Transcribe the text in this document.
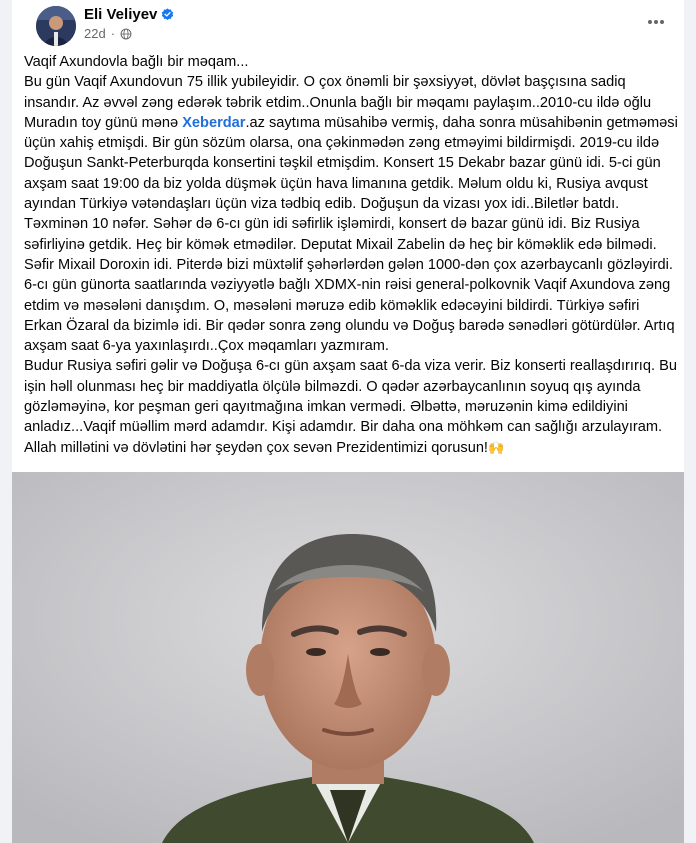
Eli Veliyev
22d ·

Vaqif Axundovla bağlı bir məqam...

Bu gün Vaqif Axundovun 75 illik yubileyidir. O çox önəmli bir şəxsiyyət, dövlət başçısına sadiq insandır. Az əvvəl zəng edərək təbrik etdim..Onunla bağlı bir məqamı paylaşım..2010-cu ildə oğlu Muradın toy günü mənə Xeberdar.az saytıma müsahibə vermiş, daha sonra müsahibənin getməməsi üçün xahiş etmişdi. Bir gün sözüm olarsa, ona çəkinmədən zəng etməyimi bildirmişdi. 2019-cu ildə Doğuşun Sankt-Peterburqda konsertini təşkil etmişdim. Konsert 15 Dekabr bazar günü idi. 5-ci gün axşam saat 19:00 da biz yolda düşmək üçün hava limanına getdik. Məlum oldu ki, Rusiya avqust ayından Türkiyə vətəndaşları üçün viza tədbiq edib. Doğuşun da vizası yox idi..Biletlər batdı. Təxminən 10 nəfər. Səhər də 6-cı gün idi səfirlik işləmirdi, konsert də bazar günü idi. Biz Rusiya səfirliyinə getdik. Heç bir kömək etmədilər. Deputat Mixail Zabelin də heç bir köməklik edə bilmədi. Səfir Mixail Doroxin idi. Piterdə bizi müxtəlif şəhərlərdən gələn 1000-dən çox azərbaycanlı gözləyirdi. 6-cı gün günorta saatlarında vəziyyətlə bağlı XDMX-nin rəisi general-polkovnik Vaqif Axundova zəng etdim və məsələni danışdım. O, məsələni məruzə edib köməklik edəcəyini bildirdi. Türkiyə səfiri Erkan Özaral da bizimlə idi. Bir qədər sonra zəng olundu və Doğuş barədə sənədləri götürdülər. Artıq axşam saat 6-ya yaxınlaşırdı..Çox məqamları yazmıram.

Budur Rusiya səfiri gəlir və Doğuşa 6-cı gün axşam saat 6-da viza verir. Biz konserti reallaşdırırıq. Bu işin həll olunması heç bir maddiyatla ölçülə bilməzdi. O qədər azərbaycanlının soyuq qış ayında gözləməyinə, kor peşman geri qayıtmağına imkan vermədi. Əlbəttə, məruzənin kimə edildiyini anladız...Vaqif müəllim mərd adamdır. Kişi adamdır. Bir daha ona möhkəm can sağlığı arzulayıram. Allah millətini və dövlətini hər şeydən çox sevən Prezidentimizi qorusun!🙌
